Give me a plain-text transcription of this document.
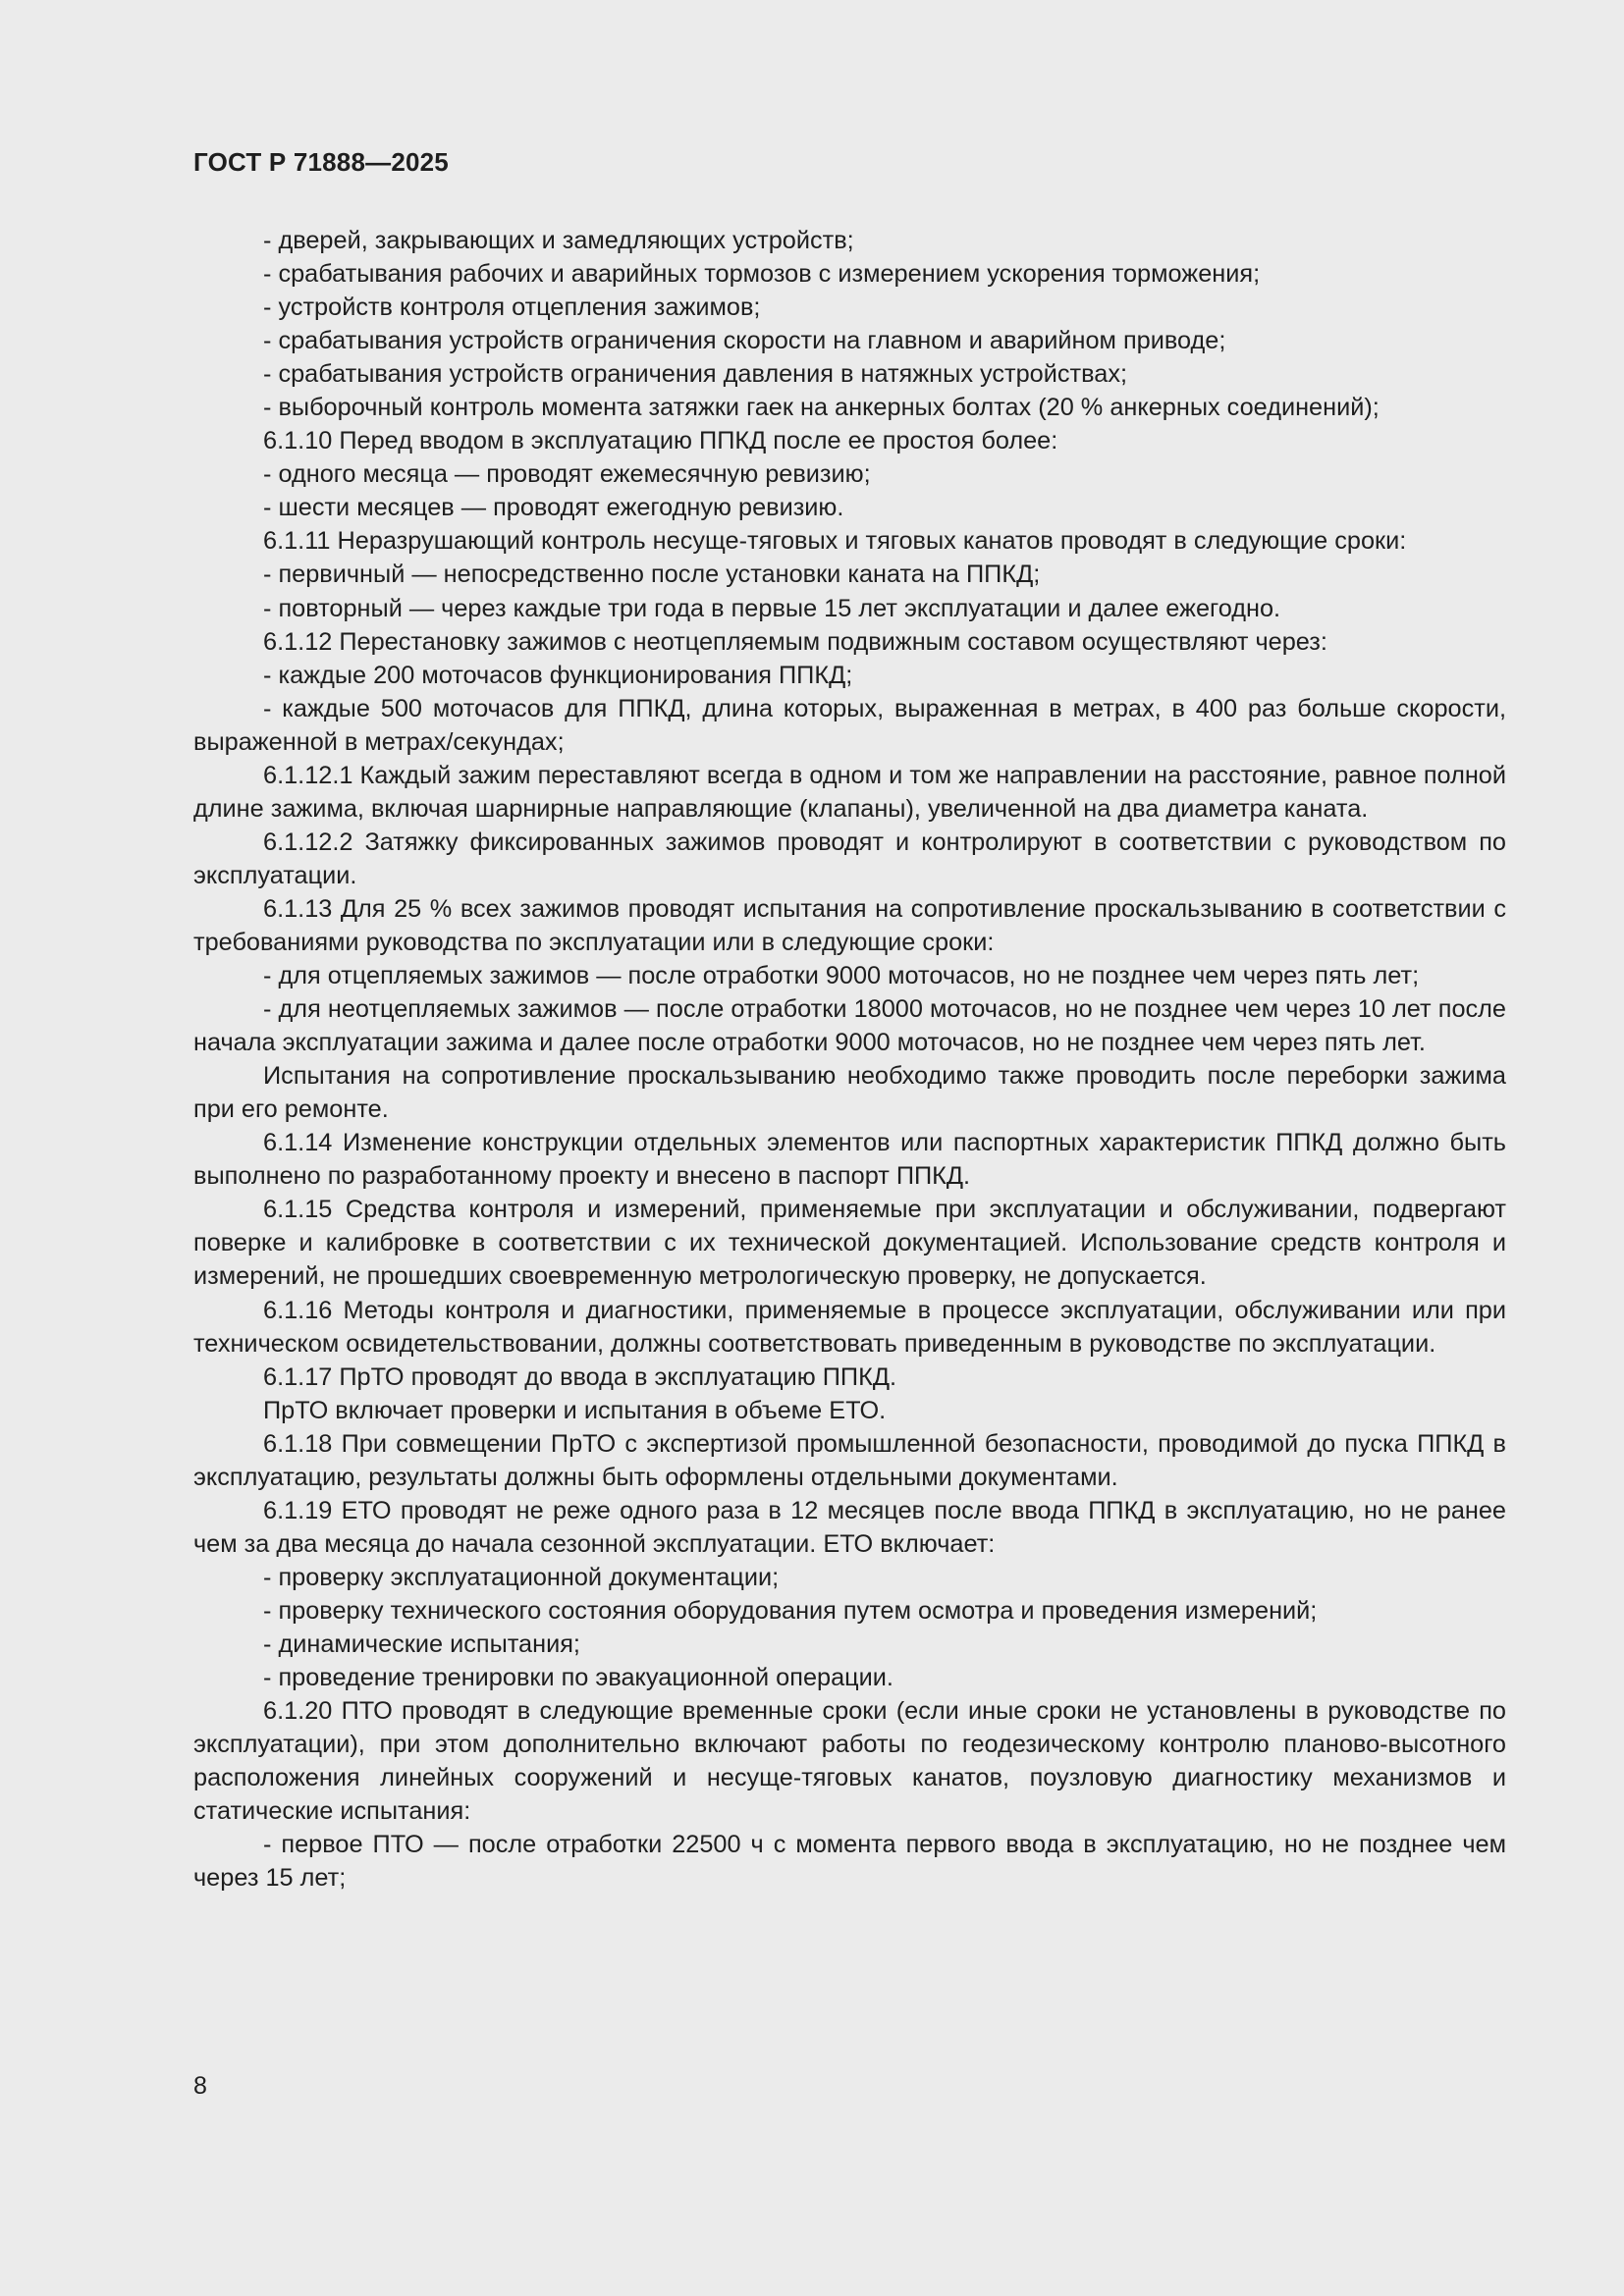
ГОСТ Р 71888—2025

- дверей, закрывающих и замедляющих устройств;

- срабатывания рабочих и аварийных тормозов с измерением ускорения торможения;

- устройств контроля отцепления зажимов;

- срабатывания устройств ограничения скорости на главном и аварийном приводе;

- срабатывания устройств ограничения давления в натяжных устройствах;

- выборочный контроль момента затяжки гаек на анкерных болтах (20 % анкерных соединений);

6.1.10 Перед вводом в эксплуатацию ППКД после ее простоя более:

- одного месяца — проводят ежемесячную ревизию;

- шести месяцев — проводят ежегодную ревизию.

6.1.11 Неразрушающий контроль несуще-тяговых и тяговых канатов проводят в следующие сроки:

- первичный — непосредственно после установки каната на ППКД;

- повторный — через каждые три года в первые 15 лет эксплуатации и далее ежегодно.

6.1.12 Перестановку зажимов с неотцепляемым подвижным составом осуществляют через:

- каждые 200 моточасов функционирования ППКД;

- каждые 500 моточасов для ППКД, длина которых, выраженная в метрах, в 400 раз больше скорости, выраженной в метрах/секундах;

6.1.12.1 Каждый зажим переставляют всегда в одном и том же направлении на расстояние, равное полной длине зажима, включая шарнирные направляющие (клапаны), увеличенной на два диаметра каната.

6.1.12.2 Затяжку фиксированных зажимов проводят и контролируют в соответствии с руководством по эксплуатации.

6.1.13 Для 25 % всех зажимов проводят испытания на сопротивление проскальзыванию в соответствии с требованиями руководства по эксплуатации или в следующие сроки:

- для отцепляемых зажимов — после отработки 9000 моточасов, но не позднее чем через пять лет;

- для неотцепляемых зажимов — после отработки 18000 моточасов, но не позднее чем через 10 лет после начала эксплуатации зажима и далее после отработки 9000 моточасов, но не позднее чем через пять лет.

Испытания на сопротивление проскальзыванию необходимо также проводить после переборки зажима при его ремонте.

6.1.14 Изменение конструкции отдельных элементов или паспортных характеристик ППКД должно быть выполнено по разработанному проекту и внесено в паспорт ППКД.

6.1.15 Средства контроля и измерений, применяемые при эксплуатации и обслуживании, подвергают поверке и калибровке в соответствии с их технической документацией. Использование средств контроля и измерений, не прошедших своевременную метрологическую проверку, не допускается.

6.1.16 Методы контроля и диагностики, применяемые в процессе эксплуатации, обслуживании или при техническом освидетельствовании, должны соответствовать приведенным в руководстве по эксплуатации.

6.1.17 ПрТО проводят до ввода в эксплуатацию ППКД.

ПрТО включает проверки и испытания в объеме ЕТО.

6.1.18 При совмещении ПрТО с экспертизой промышленной безопасности, проводимой до пуска ППКД в эксплуатацию, результаты должны быть оформлены отдельными документами.

6.1.19 ЕТО проводят не реже одного раза в 12 месяцев после ввода ППКД в эксплуатацию, но не ранее чем за два месяца до начала сезонной эксплуатации. ЕТО включает:

- проверку эксплуатационной документации;

- проверку технического состояния оборудования путем осмотра и проведения измерений;

- динамические испытания;

- проведение тренировки по эвакуационной операции.

6.1.20 ПТО проводят в следующие временные сроки (если иные сроки не установлены в руководстве по эксплуатации), при этом дополнительно включают работы по геодезическому контролю планово-высотного расположения линейных сооружений и несуще-тяговых канатов, поузловую диагностику механизмов и статические испытания:

- первое ПТО — после отработки 22500 ч с момента первого ввода в эксплуатацию, но не позднее чем через 15 лет;

8
